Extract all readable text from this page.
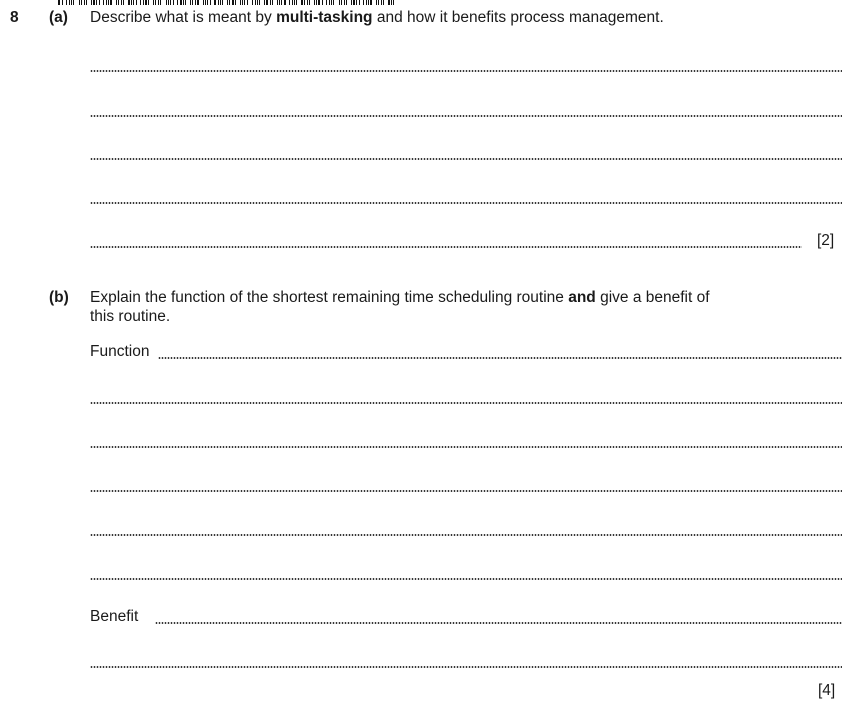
8 (a) Describe what is meant by multi-tasking and how it benefits process management.
[2]
(b) Explain the function of the shortest remaining time scheduling routine and give a benefit of
this routine.
Function
Benefit
[4]
